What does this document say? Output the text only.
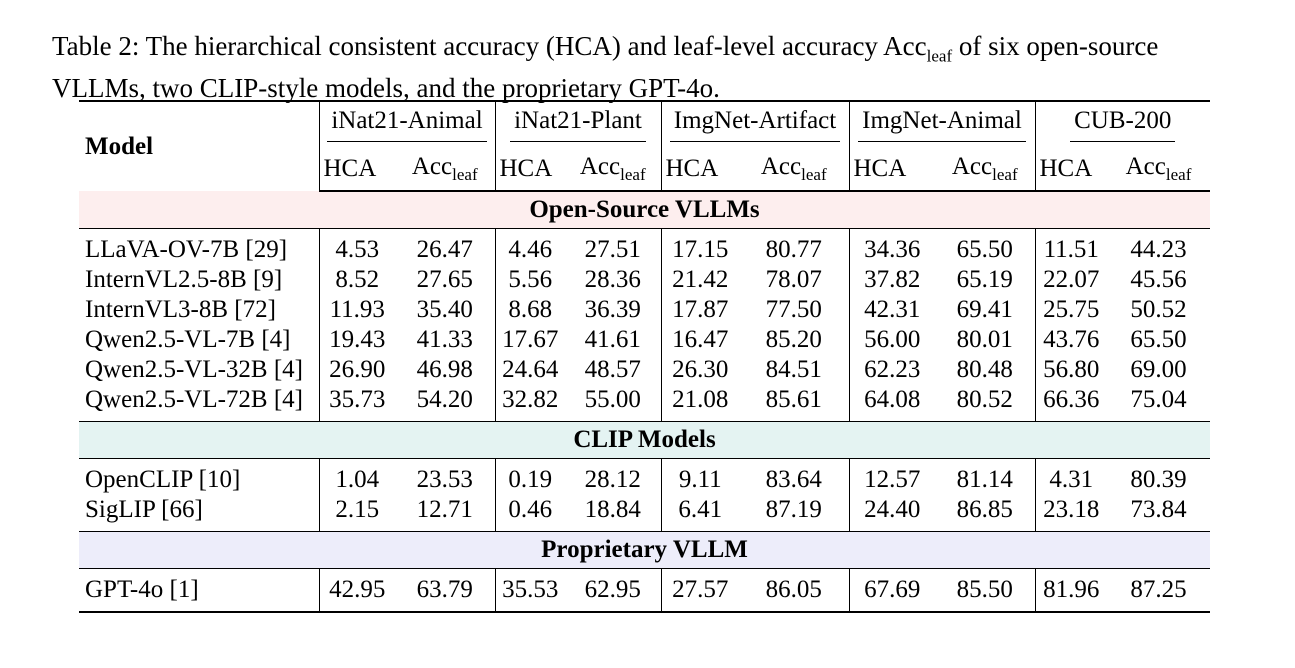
Table 2: The hierarchical consistent accuracy (HCA) and leaf-level accuracy Acc$_{leaf}$ of six open-source VLLMs, two CLIP-style models, and the proprietary GPT-4o.
Model	iNat21-Animal		iNat21-Plant		ImgNet-Artifact		ImgNet-Animal		CUB-200	
	HCA	Acc$_{leaf}$	HCA	Acc$_{leaf}$	HCA	Acc$_{leaf}$	HCA	Acc$_{leaf}$	HCA	Acc$_{leaf}$
Open-Source VLLMs										
LLaVA-OV-7B [29]	4.53	26.47	4.46	27.51	17.15	80.77	34.36	65.50	11.51	44.23
InternVL2.5-8B [9]	8.52	27.65	5.56	28.36	21.42	78.07	37.82	65.19	22.07	45.56
InternVL3-8B [72]	11.93	35.40	8.68	36.39	17.87	77.50	42.31	69.41	25.75	50.52
Qwen2.5-VL-7B [4]	19.43	41.33	17.67	41.61	16.47	85.20	56.00	80.01	43.76	65.50
Qwen2.5-VL-32B [4]	26.90	46.98	24.64	48.57	26.30	84.51	62.23	80.48	56.80	69.00
Qwen2.5-VL-72B [4]	35.73	54.20	32.82	55.00	21.08	85.61	64.08	80.52	66.36	75.04
CLIP Models										
OpenCLIP [10]	1.04	23.53	0.19	28.12	9.11	83.64	12.57	81.14	4.31	80.39
SigLIP [66]	2.15	12.71	0.46	18.84	6.41	87.19	24.40	86.85	23.18	73.84
Proprietary VLLM										
GPT-4o [1]	42.95	63.79	35.53	62.95	27.57	86.05	67.69	85.50	81.96	87.25
